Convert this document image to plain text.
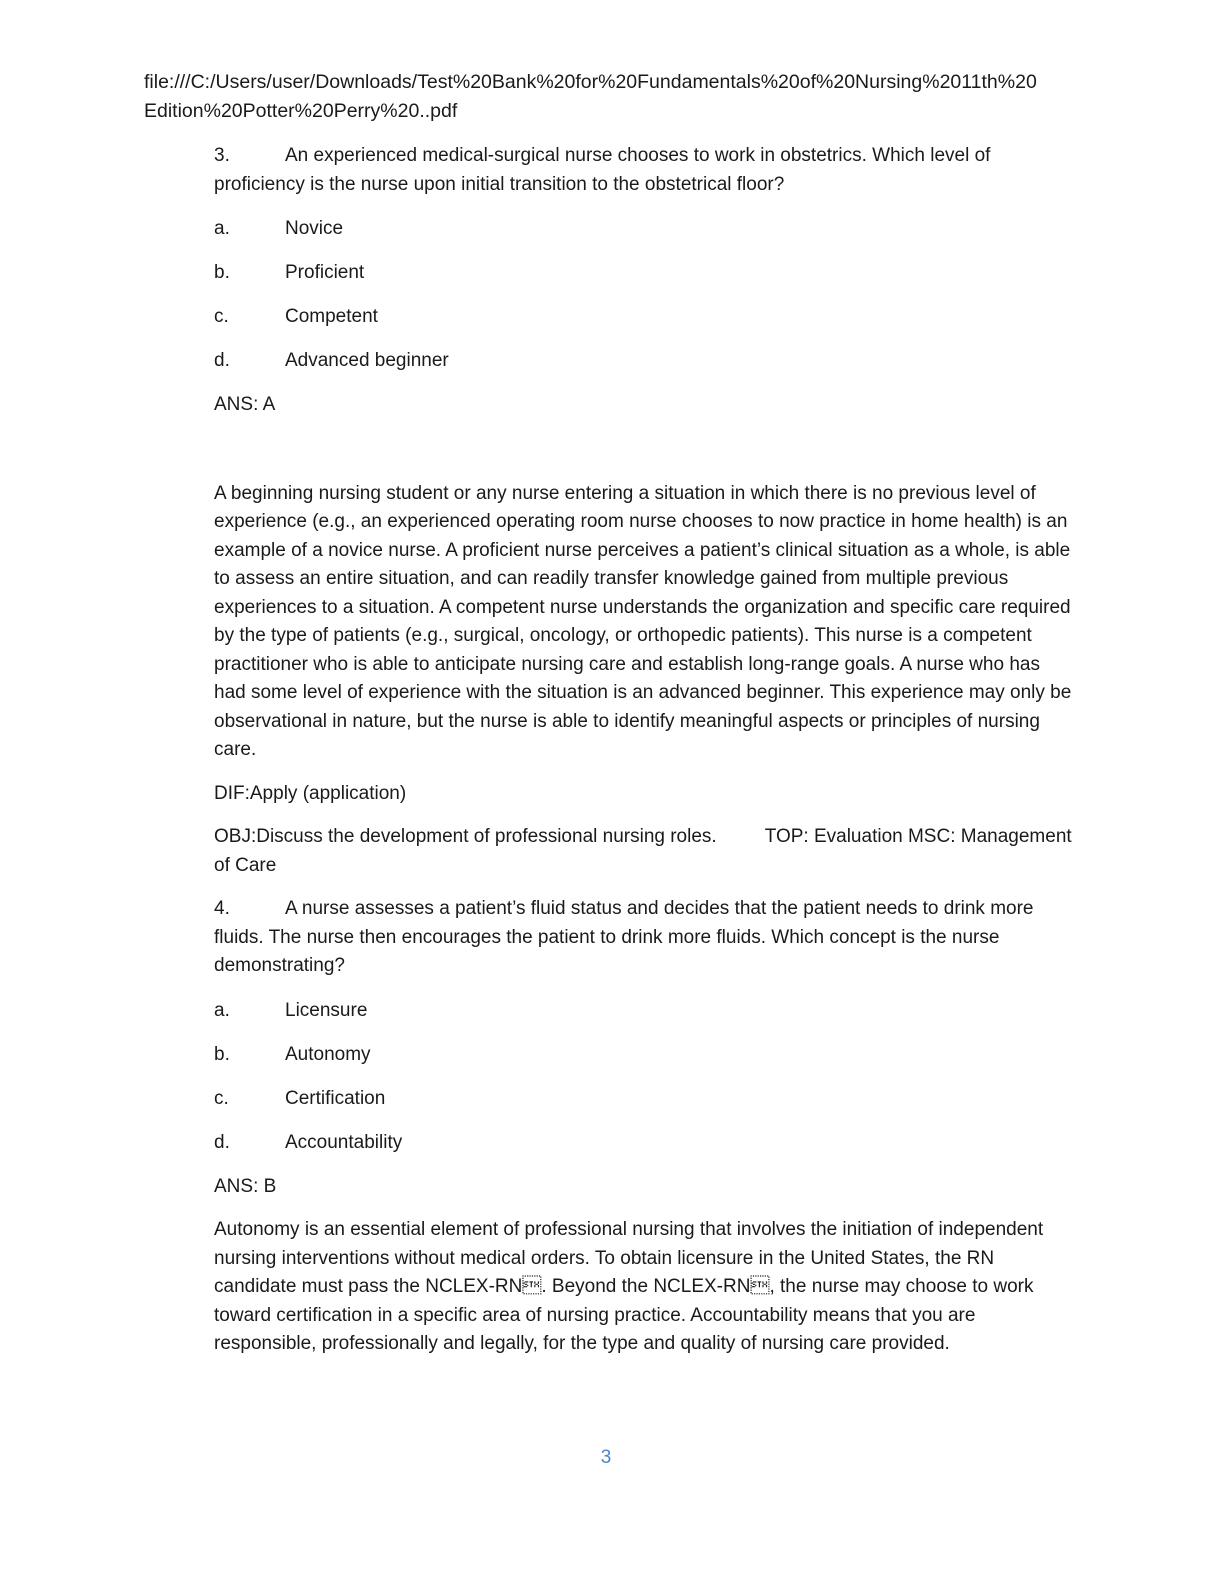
file:///C:/Users/user/Downloads/Test%20Bank%20for%20Fundamentals%20of%20Nursing%2011th%20 Edition%20Potter%20Perry%20..pdf

3.	An experienced medical-surgical nurse chooses to work in obstetrics. Which level of proficiency is the nurse upon initial transition to the obstetrical floor?

a.	Novice
b.	Proficient
c.	Competent
d.	Advanced beginner

ANS: A

A beginning nursing student or any nurse entering a situation in which there is no previous level of experience (e.g., an experienced operating room nurse chooses to now practice in home health) is an example of a novice nurse. A proficient nurse perceives a patient’s clinical situation as a whole, is able to assess an entire situation, and can readily transfer knowledge gained from multiple previous experiences to a situation. A competent nurse understands the organization and specific care required by the type of patients (e.g., surgical, oncology, or orthopedic patients). This nurse is a competent practitioner who is able to anticipate nursing care and establish long-range goals. A nurse who has had some level of experience with the situation is an advanced beginner. This experience may only be observational in nature, but the nurse is able to identify meaningful aspects or principles of nursing care.

DIF:Apply (application)

OBJ:Discuss the development of professional nursing roles.	TOP: Evaluation MSC: Management of Care

4.	A nurse assesses a patient’s fluid status and decides that the patient needs to drink more fluids. The nurse then encourages the patient to drink more fluids. Which concept is the nurse demonstrating?

a.	Licensure
b.	Autonomy
c.	Certification
d.	Accountability

ANS: B

Autonomy is an essential element of professional nursing that involves the initiation of independent nursing interventions without medical orders. To obtain licensure in the United States, the RN candidate must pass the NCLEX-RN. Beyond the NCLEX-RN, the nurse may choose to work toward certification in a specific area of nursing practice. Accountability means that you are responsible, professionally and legally, for the type and quality of nursing care provided.

3
